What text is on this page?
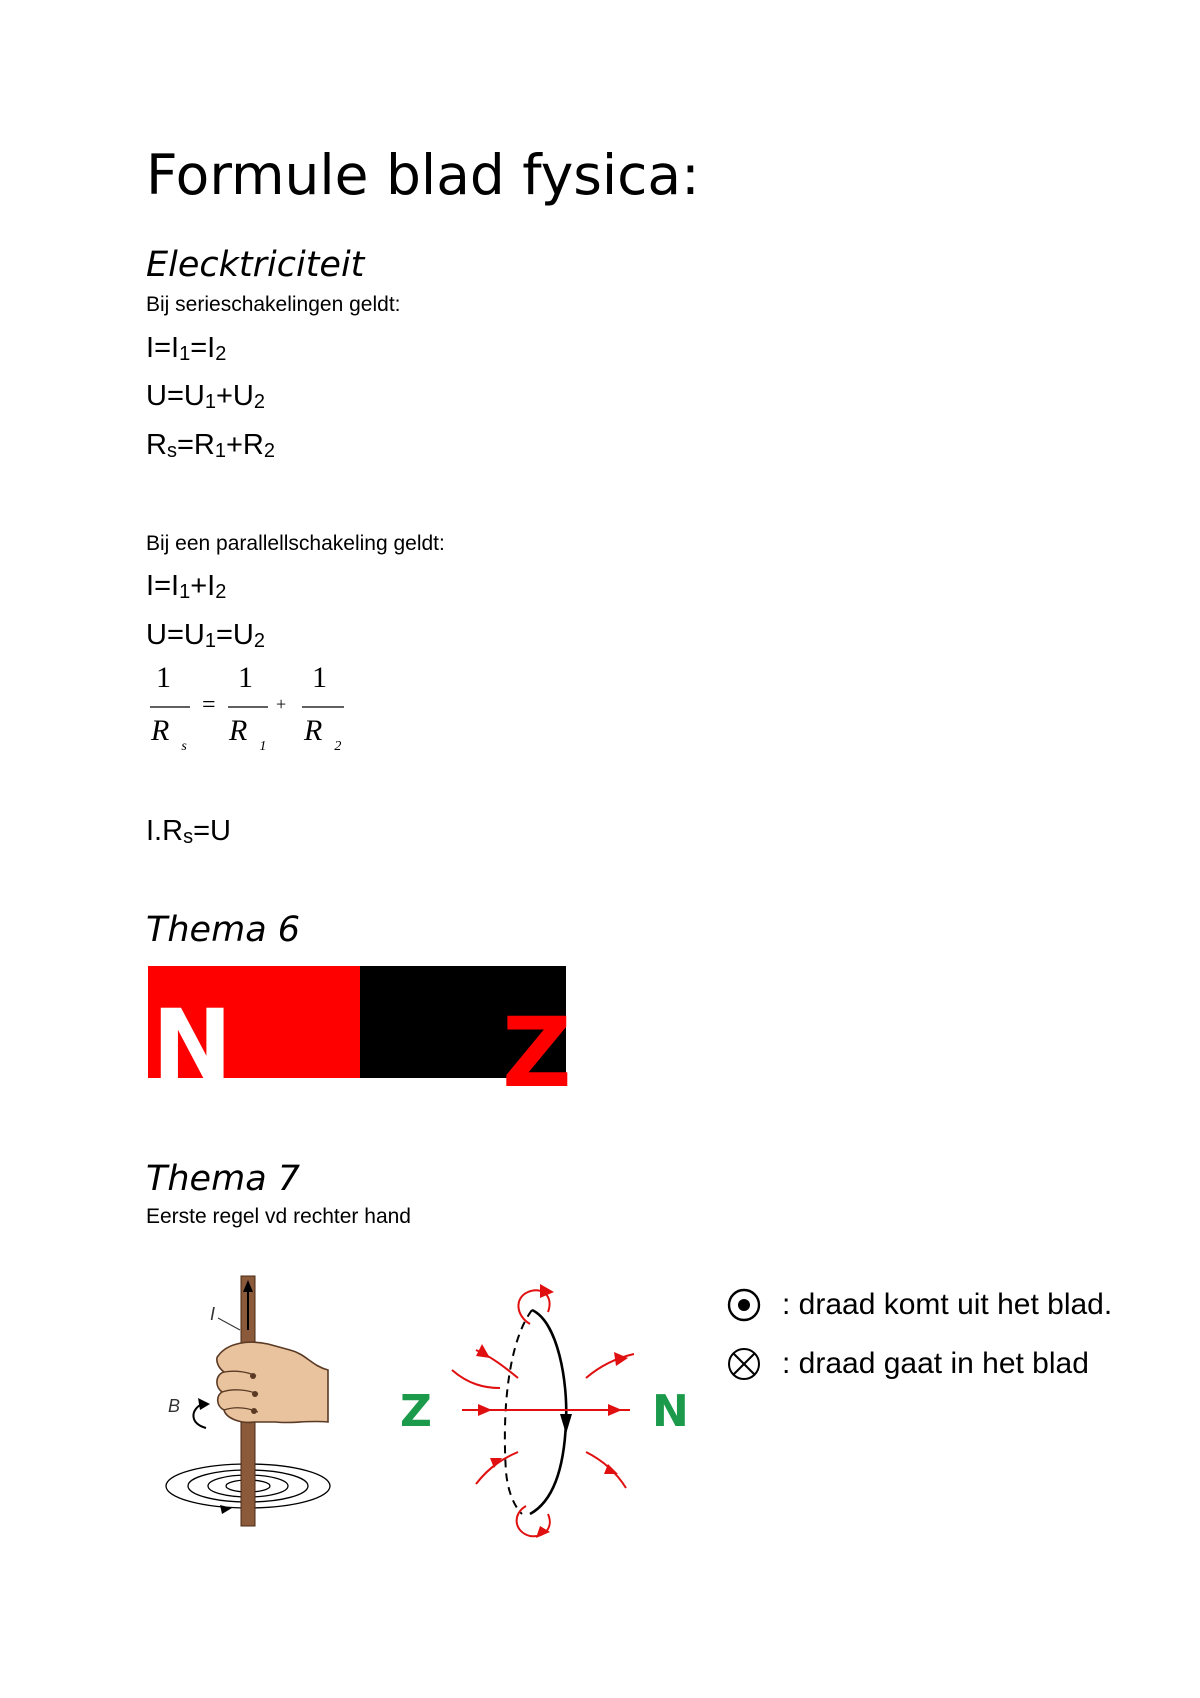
Formule blad fysica:
Elecktriciteit
Bij serieschakelingen geldt:
$I=I_1=I_2$
$U=U_1+U_2$
$R_s=R_1+R_2$
Bij een parallellschakeling geldt:
$I=I_1+I_2$
$U=U_1=U_2$
1
R $_s$
=
1
R $_1$
+
1
R $_2$
$I.R_s=U$
Thema 6
N	Z
Thema 7
Eerste regel vd rechter hand
I
B	Z	N
: draad komt uit het blad.
: draad gaat in het blad
